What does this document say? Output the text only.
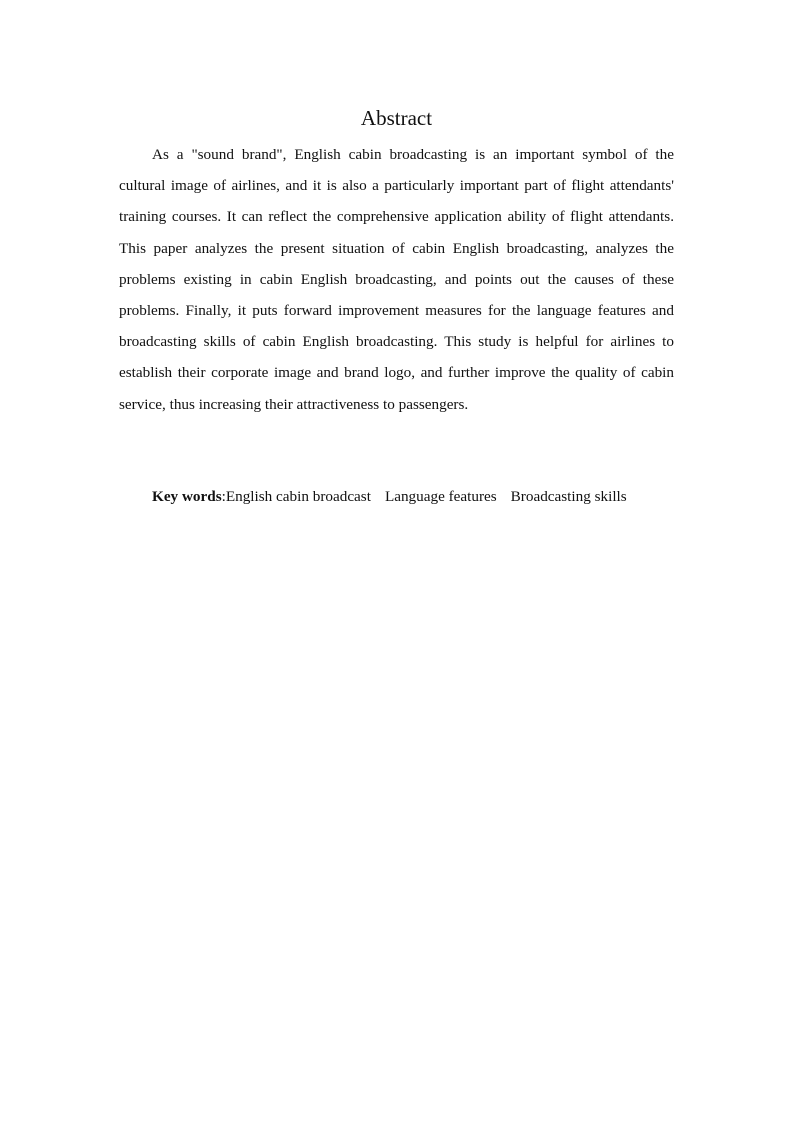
Abstract

As a "sound brand", English cabin broadcasting is an important symbol of the cultural image of airlines, and it is also a particularly important part of flight attendants' training courses. It can reflect the comprehensive application ability of flight attendants. This paper analyzes the present situation of cabin English broadcasting, analyzes the problems existing in cabin English broadcasting, and points out the causes of these problems. Finally, it puts forward improvement measures for the language features and broadcasting skills of cabin English broadcasting. This study is helpful for airlines to establish their corporate image and brand logo, and further improve the quality of cabin service, thus increasing their attractiveness to passengers.

Key words:English cabin broadcast Language features Broadcasting skills
